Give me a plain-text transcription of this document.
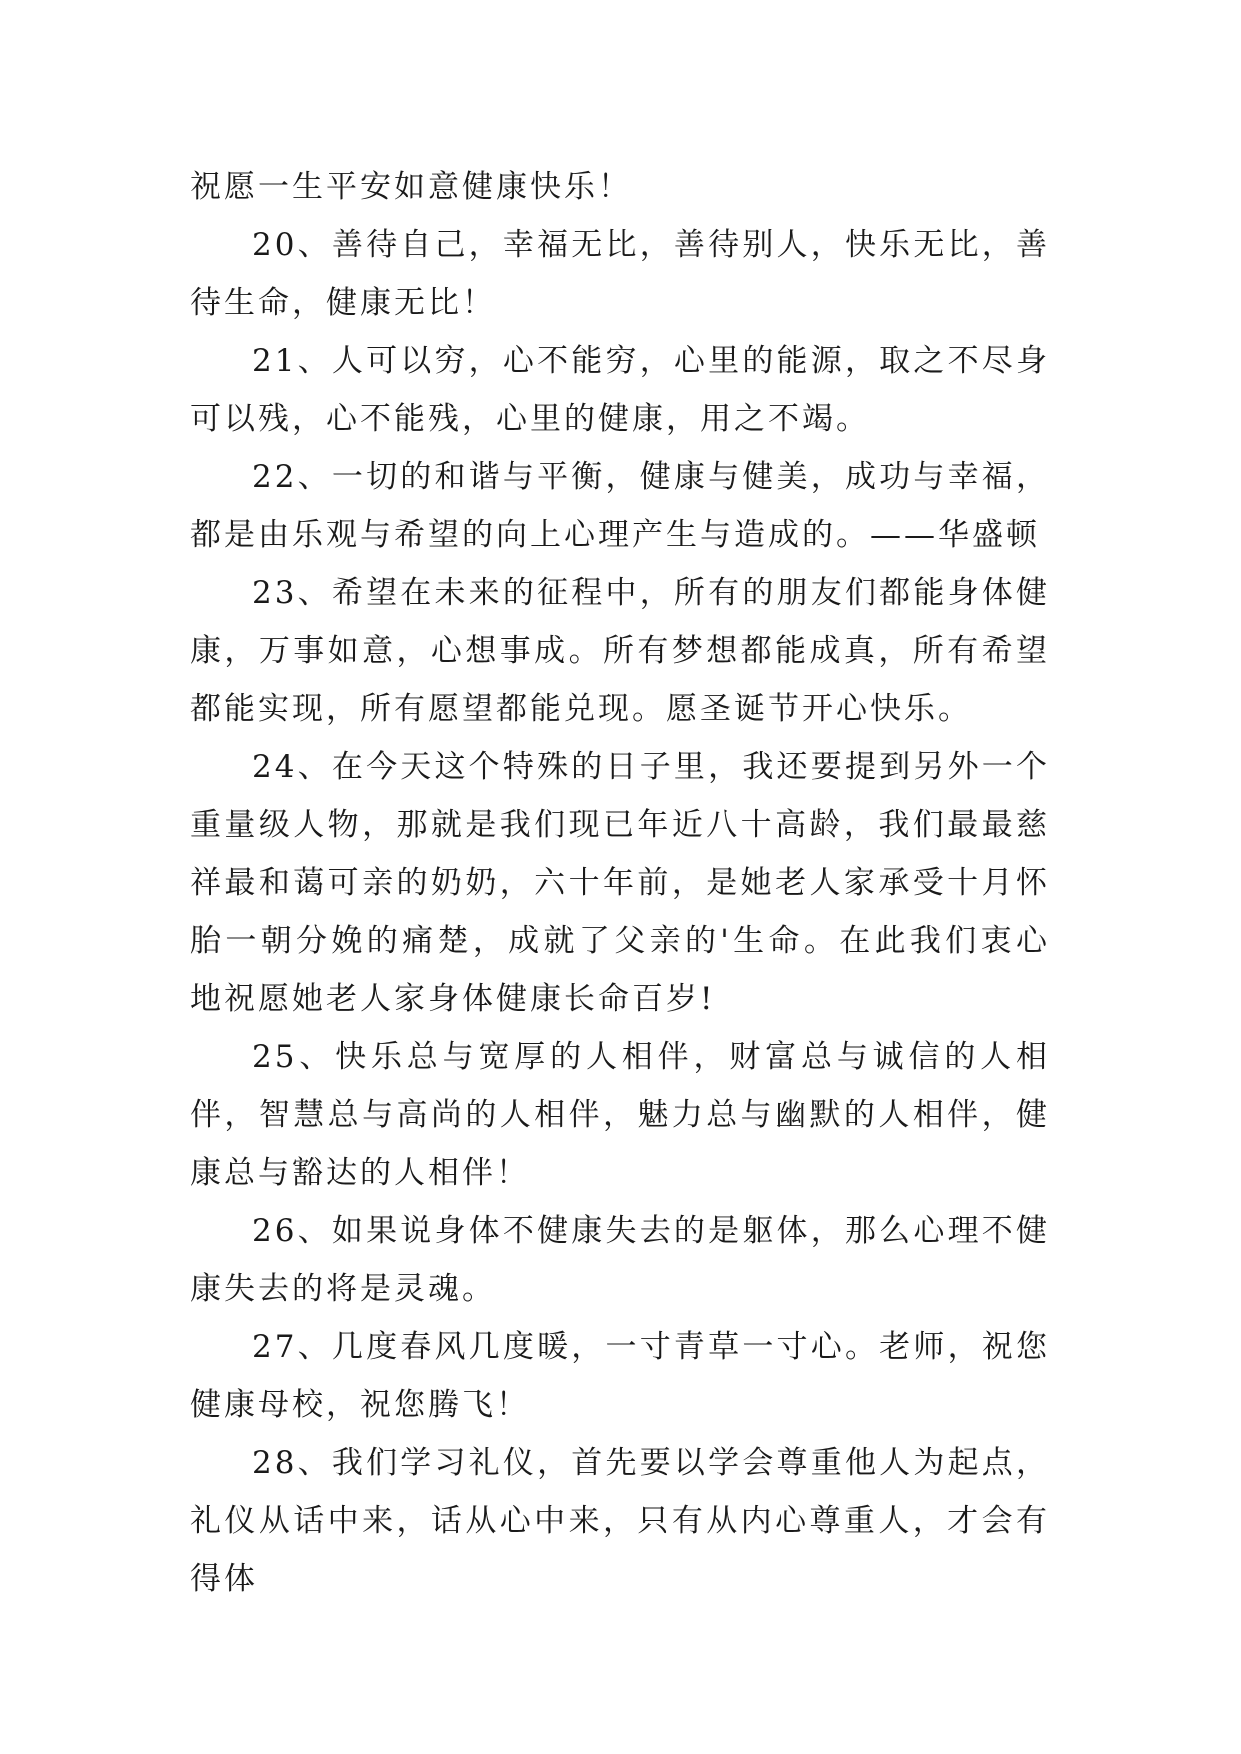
祝愿一生平安如意健康快乐！

20、善待自己，幸福无比，善待别人，快乐无比，善待生命，健康无比！

21、人可以穷，心不能穷，心里的能源，取之不尽身可以残，心不能残，心里的健康，用之不竭。

22、一切的和谐与平衡，健康与健美，成功与幸福，都是由乐观与希望的向上心理产生与造成的。——华盛顿

23、希望在未来的征程中，所有的朋友们都能身体健康，万事如意，心想事成。所有梦想都能成真，所有希望都能实现，所有愿望都能兑现。愿圣诞节开心快乐。

24、在今天这个特殊的日子里，我还要提到另外一个重量级人物，那就是我们现已年近八十高龄，我们最最慈祥最和蔼可亲的奶奶，六十年前，是她老人家承受十月怀胎一朝分娩的痛楚，成就了父亲的'生命。在此我们衷心地祝愿她老人家身体健康长命百岁!

25、快乐总与宽厚的人相伴，财富总与诚信的人相伴，智慧总与高尚的人相伴，魅力总与幽默的人相伴，健康总与豁达的人相伴！

26、如果说身体不健康失去的是躯体，那么心理不健康失去的将是灵魂。

27、几度春风几度暖，一寸青草一寸心。老师，祝您健康母校，祝您腾飞！

28、我们学习礼仪，首先要以学会尊重他人为起点，礼仪从话中来，话从心中来，只有从内心尊重人，才会有得体
